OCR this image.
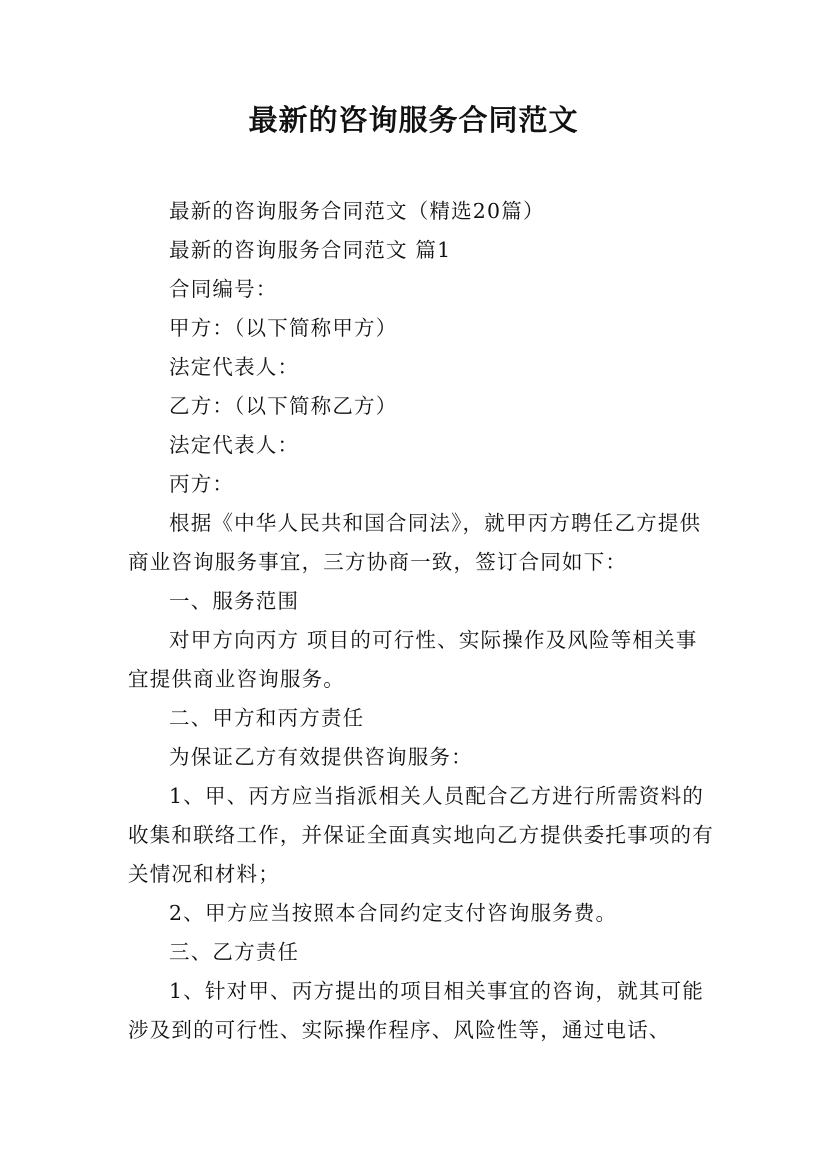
最新的咨询服务合同范文

最新的咨询服务合同范文（精选20篇）

最新的咨询服务合同范文 篇1

合同编号：

甲方：（以下简称甲方）

法定代表人：

乙方：（以下简称乙方）

法定代表人：

丙方：

根据《中华人民共和国合同法》，就甲丙方聘任乙方提供商业咨询服务事宜，三方协商一致，签订合同如下：

一、服务范围

对甲方向丙方 项目的可行性、实际操作及风险等相关事宜提供商业咨询服务。

二、甲方和丙方责任

为保证乙方有效提供咨询服务：

1、甲、丙方应当指派相关人员配合乙方进行所需资料的收集和联络工作，并保证全面真实地向乙方提供委托事项的有关情况和材料；

2、甲方应当按照本合同约定支付咨询服务费。

三、乙方责任

1、针对甲、丙方提出的项目相关事宜的咨询，就其可能涉及到的可行性、实际操作程序、风险性等，通过电话、
